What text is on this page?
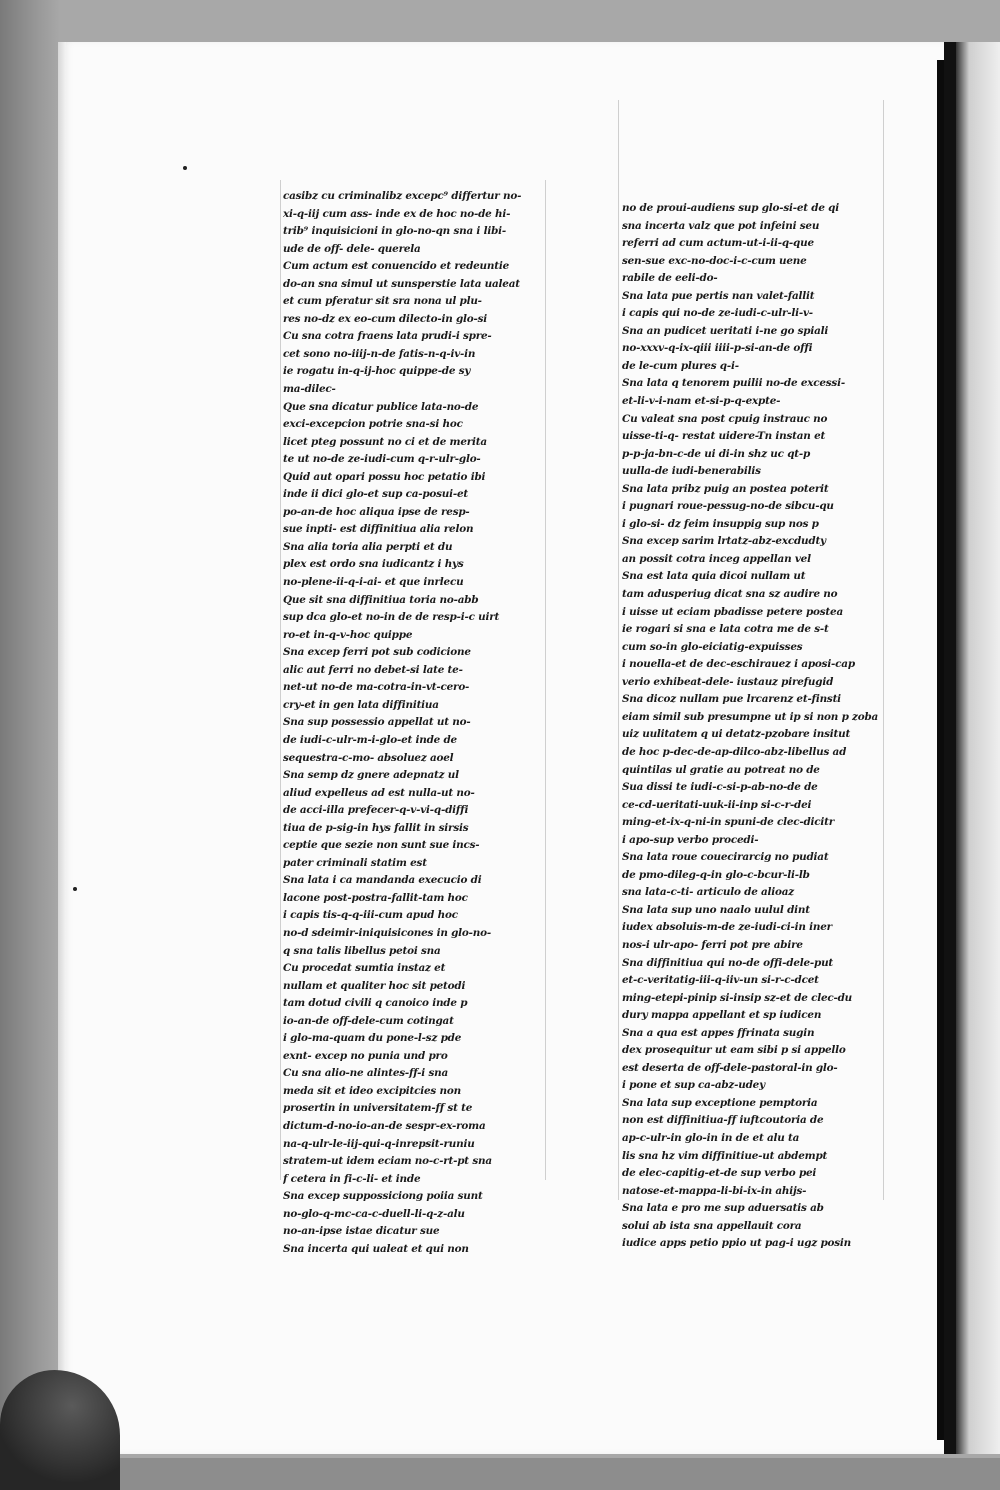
casibz cu criminalibz excepc⁹ differtur no-
xi-q-iij cum ass- inde ex de hoc no-de hi-
trib⁹ inquisicioni in glo-no-qn sna i libi-
ude de off- dele- querela
Cum actum est conuencido et redeuntie
do-an sna simul ut sunsperstie lata ualeat
et cum pferatur sit sra nona ul plu-
res no-dz ex eo-cum dilecto-in glo-si
Cu sna cotra fraens lata prudi-i spre-
cet sono no-iiij-n-de fatis-n-q-iv-in
ie rogatu in-q-ij-hoc quippe-de sy
ma-dilec-
Que sna dicatur publice lata-no-de
exci-excepcion potrie sna-si hoc
licet pteg possunt no ci et de merita
te ut no-de ze-iudi-cum q-r-ulr-glo-
Quid aut opari possu hoc petatio ibi
inde ii dici glo-et sup ca-posui-et
po-an-de hoc aliqua ipse de resp-
sue inpti- est diffinitiua alia relon
Sna alia toria alia perpti et du
plex est ordo sna iudicantz i hys
no-plene-ii-q-i-ai- et que inrlecu
Que sit sna diffinitiua toria no-abb
sup dca glo-et no-in de de resp-i-c uirt
ro-et in-q-v-hoc quippe
Sna excep ferri pot sub codicione
alic aut ferri no debet-si late te-
net-ut no-de ma-cotra-in-vt-cero-
cry-et in gen lata diffinitiua
Sna sup possessio appellat ut no-
de iudi-c-ulr-m-i-glo-et inde de
sequestra-c-mo- absoluez aoel
Sna semp dz gnere adepnatz ul
aliud expelleus ad est nulla-ut no-
de acci-illa prefecer-q-v-vi-q-diffi
tiua de p-sig-in hys fallit in sirsis
ceptie que sezie non sunt sue incs-
pater criminali statim est
Sna lata i ca mandanda execucio di
lacone post-postra-fallit-tam hoc
i capis tis-q-q-iii-cum apud hoc
no-d sdeimir-iniquisicones in glo-no-
q sna talis libellus petoi sna
Cu procedat sumtia instaz et
nullam et qualiter hoc sit petodi
tam dotud civili q canoico inde p
io-an-de off-dele-cum cotingat
i glo-ma-quam du pone-l-sz pde
exnt- excep no punia und pro
Cu sna alio-ne alintes-ff-i sna
meda sit et ideo excipitcies non
prosertin in universitatem-ff st te
dictum-d-no-io-an-de sespr-ex-roma
na-q-ulr-le-iij-qui-q-inrepsit-runiu
stratem-ut idem eciam no-c-rt-pt sna
f cetera in fi-c-li- et inde
Sna excep suppossiciong poiia sunt
no-glo-q-mc-ca-c-duell-li-q-z-alu
no-an-ipse istae dicatur sue
Sna incerta qui ualeat et qui non
no de proui-audiens sup glo-si-et de qi
sna incerta valz que pot infeini seu
referri ad cum actum-ut-i-ii-q-que
sen-sue exc-no-doc-i-c-cum uene
rabile de eeli-do-
Sna lata pue pertis nan valet-fallit
i capis qui no-de ze-iudi-c-ulr-li-v-
Sna an pudicet ueritati i-ne go spiali
no-xxxv-q-ix-qiii iiii-p-si-an-de offi
de le-cum plures q-i-
Sna lata q tenorem puilii no-de excessi-
et-li-v-i-nam et-si-p-q-expte-
Cu valeat sna post cpuig instrauc no
uisse-ti-q- restat uidere-Tn instan et
p-p-ja-bn-c-de ui di-in shz uc qt-p
uulla-de iudi-benerabilis
Sna lata pribz puig an postea poterit
i pugnari roue-pessug-no-de sibcu-qu
i glo-si- dz feim insuppig sup nos p
Sna excep sarim lrtatz-abz-excdudty
an possit cotra inceg appellan vel
Sna est lata quia dicoi nullam ut
tam adusperiug dicat sna sz audire no
i uisse ut eciam pbadisse petere postea
ie rogari si sna e lata cotra me de s-t
cum so-in glo-eiciatig-expuisses
i nouella-et de dec-eschirauez i aposi-cap
verio exhibeat-dele- iustauz pirefugid
Sna dicoz nullam pue lrcarenz et-finsti
eiam simil sub presumpne ut ip si non p zoba
uiz uulitatem q ui detatz-pzobare insitut
de hoc p-dec-de-ap-dilco-abz-libellus ad
quintilas ul gratie au potreat no de
Sua dissi te iudi-c-si-p-ab-no-de de
ce-cd-ueritati-uuk-ii-inp si-c-r-dei
ming-et-ix-q-ni-in spuni-de clec-dicitr
i apo-sup verbo procedi-
Sna lata roue couecirarcig no pudiat
de pmo-dileg-q-in glo-c-bcur-li-lb
sna lata-c-ti- articulo de alioaz
Sna lata sup uno naalo uulul dint
iudex absoluis-m-de ze-iudi-ci-in iner
nos-i ulr-apo- ferri pot pre abire
Sna diffinitiua qui no-de offi-dele-put
et-c-veritatig-iii-q-iiv-un si-r-c-dcet
ming-etepi-pinip si-insip sz-et de clec-du
dury mappa appellant et sp iudicen
Sna a qua est appes ffrinata sugin
dex prosequitur ut eam sibi p si appello
est deserta de off-dele-pastoral-in glo-
i pone et sup ca-abz-udey
Sna lata sup exceptione pemptoria
non est diffinitiua-ff iuftcoutoria de
ap-c-ulr-in glo-in in de et alu ta
lis sna hz vim diffinitiue-ut abdempt
de elec-capitig-et-de sup verbo pei
natose-et-mappa-li-bi-ix-in ahijs-
Sna lata e pro me sup aduersatis ab
solui ab ista sna appellauit cora
iudice apps petio ppio ut pag-i ugz posin
